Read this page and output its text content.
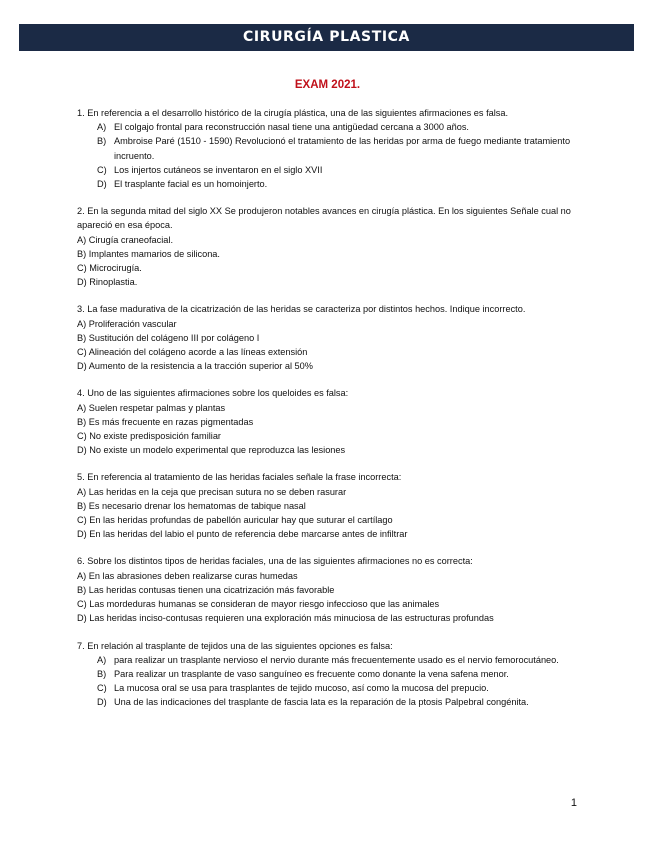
CIRURGÍA PLASTICA
EXAM 2021.

1. En referencia a el desarrollo histórico de la cirugía plástica, una de las siguientes afirmaciones es falsa.

A) El colgajo frontal para reconstrucción nasal tiene una antigüedad cercana a 3000 años.
B) Ambroise Paré (1510 - 1590) Revolucionó el tratamiento de las heridas por arma de fuego mediante tratamiento incruento.
C) Los injertos cutáneos se inventaron en el siglo XVII
D) El trasplante facial es un homoinjerto.

2. En la segunda mitad del siglo XX Se produjeron notables avances en cirugía plástica. En los siguientes Señale cual no apareció en esa época.

A) Cirugía craneofacial.

B) Implantes mamarios de silicona.

C) Microcirugía.

D) Rinoplastia.

3. La fase madurativa de la cicatrización de las heridas se caracteriza por distintos hechos. Indique incorrecto.

A) Proliferación vascular

B) Sustitución del colágeno III por colágeno I

C) Alineación del colágeno acorde a las líneas extensión

D) Aumento de la resistencia a la tracción superior al 50%

4. Uno de las siguientes afirmaciones sobre los queloides es falsa:

A) Suelen respetar palmas y plantas

B) Es más frecuente en razas pigmentadas

C) No existe predisposición familiar

D) No existe un modelo experimental que reproduzca las lesiones

5. En referencia al tratamiento de las heridas faciales señale la frase incorrecta:

A) Las heridas en la ceja que precisan sutura no se deben rasurar

B) Es necesario drenar los hematomas de tabique nasal

C) En las heridas profundas de pabellón auricular hay que suturar el cartílago

D) En las heridas del labio el punto de referencia debe marcarse antes de infiltrar

6. Sobre los distintos tipos de heridas faciales, una de las siguientes afirmaciones no es correcta:

A) En las abrasiones deben realizarse curas humedas

B) Las heridas contusas tienen una cicatrización más favorable

C) Las mordeduras humanas se consideran de mayor riesgo infeccioso que las animales

D) Las heridas inciso-contusas requieren una exploración más minuciosa de las estructuras profundas

7. En relación al trasplante de tejidos una de las siguientes opciones es falsa:

A) para realizar un trasplante nervioso el nervio durante más frecuentemente usado es el nervio femorocutáneo.
B) Para realizar un trasplante de vaso sanguíneo es frecuente como donante la vena safena menor.
C) La mucosa oral se usa para trasplantes de tejido mucoso, así como la mucosa del prepucio.
D) Una de las indicaciones del trasplante de fascia lata es la reparación de la ptosis Palpebral congénita.
1
